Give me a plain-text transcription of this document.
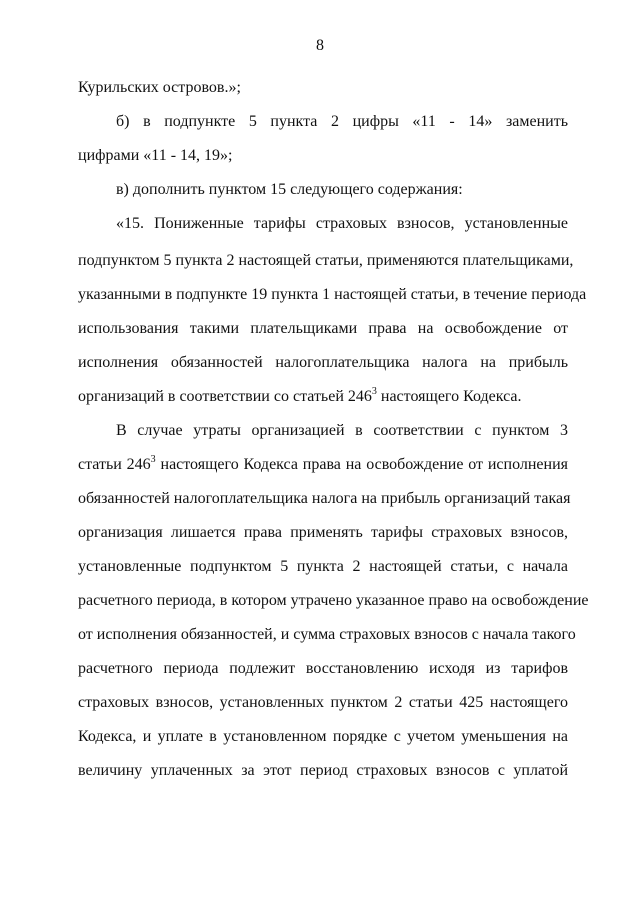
8
Курильских островов.»;
б) в подпункте 5 пункта 2 цифры «11 - 14» заменить
цифрами «11 - 14, 19»;
в) дополнить пунктом 15 следующего содержания:
«15. Пониженные тарифы страховых взносов, установленные
подпунктом 5 пункта 2 настоящей статьи, применяются плательщиками,
указанными в подпункте 19 пункта 1 настоящей статьи, в течение периода
использования такими плательщиками права на освобождение от
исполнения обязанностей налогоплательщика налога на прибыль
организаций в соответствии со статьей $246^3$ настоящего Кодекса.
В случае утраты организацией в соответствии с пунктом 3
статьи $246^3$ настоящего Кодекса права на освобождение от исполнения
обязанностей налогоплательщика налога на прибыль организаций такая
организация лишается права применять тарифы страховых взносов,
установленные подпунктом 5 пункта 2 настоящей статьи, с начала
расчетного периода, в котором утрачено указанное право на освобождение
от исполнения обязанностей, и сумма страховых взносов с начала такого
расчетного периода подлежит восстановлению исходя из тарифов
страховых взносов, установленных пунктом 2 статьи 425 настоящего
Кодекса, и уплате в установленном порядке с учетом уменьшения на
величину уплаченных за этот период страховых взносов с уплатой
